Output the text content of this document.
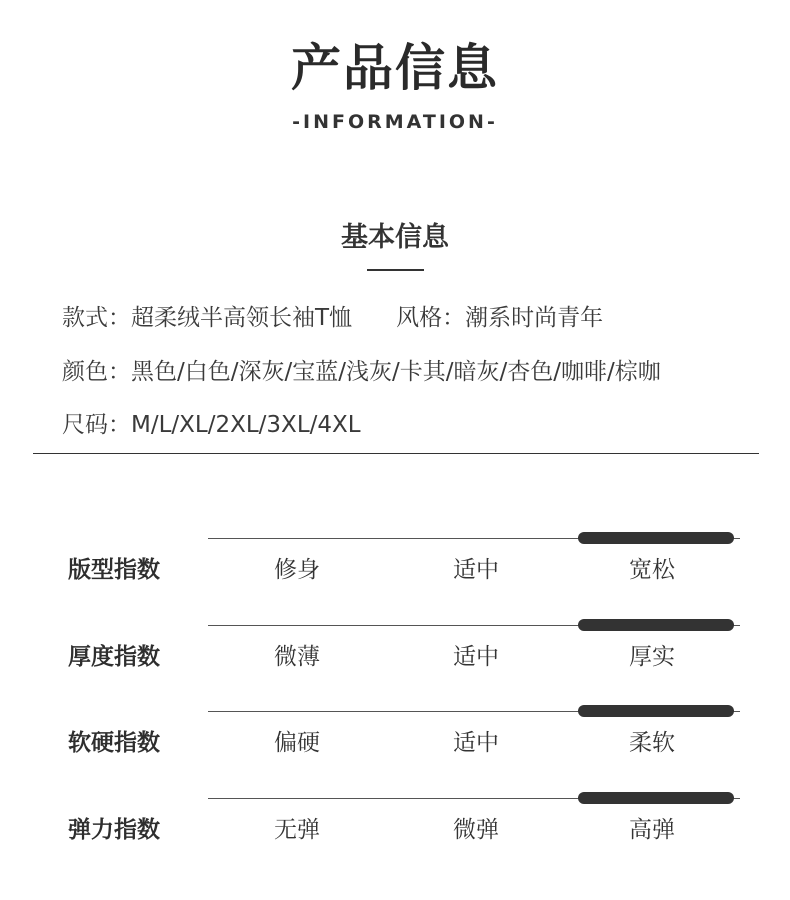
产品信息
-INFORMATION-
基本信息
款式：超柔绒半高领长袖T恤 风格：潮系时尚青年
颜色：黑色/白色/深灰/宝蓝/浅灰/卡其/暗灰/杏色/咖啡/棕咖
尺码：M/L/XL/2XL/3XL/4XL
版型指数	修身	适中	宽松
厚度指数	微薄	适中	厚实
软硬指数	偏硬	适中	柔软
弹力指数	无弹	微弹	高弹
